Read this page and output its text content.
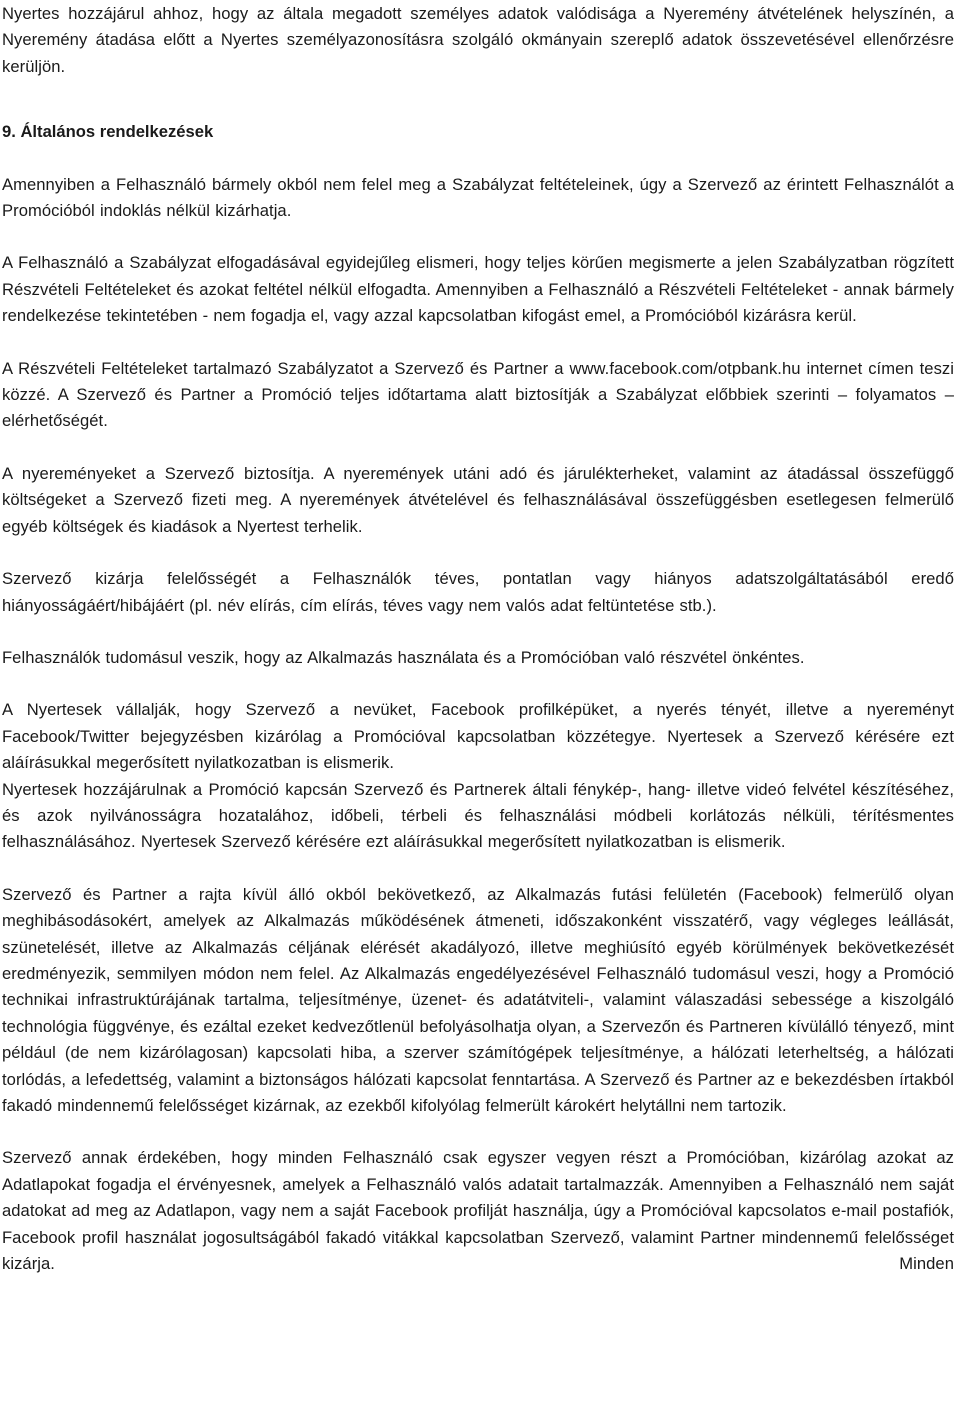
Nyertes hozzájárul ahhoz, hogy az általa megadott személyes adatok valódisága a Nyeremény átvételének helyszínén, a Nyeremény átadása előtt a Nyertes személyazonosításra szolgáló okmányain szereplő adatok összevetésével ellenőrzésre kerüljön.

9. Általános rendelkezések

Amennyiben a Felhasználó bármely okból nem felel meg a Szabályzat feltételeinek, úgy a Szervező az érintett Felhasználót a Promócióból indoklás nélkül kizárhatja.

A Felhasználó a Szabályzat elfogadásával egyidejűleg elismeri, hogy teljes körűen megismerte a jelen Szabályzatban rögzített Részvételi Feltételeket és azokat feltétel nélkül elfogadta. Amennyiben a Felhasználó a Részvételi Feltételeket - annak bármely rendelkezése tekintetében - nem fogadja el, vagy azzal kapcsolatban kifogást emel, a Promócióból kizárásra kerül.

A Részvételi Feltételeket tartalmazó Szabályzatot a Szervező és Partner a www.facebook.com/otpbank.hu internet címen teszi közzé. A Szervező és Partner a Promóció teljes időtartama alatt biztosítják a Szabályzat előbbiek szerinti – folyamatos – elérhetőségét.

A nyereményeket a Szervező biztosítja. A nyeremények utáni adó és járulékterheket, valamint az átadással összefüggő költségeket a Szervező fizeti meg. A nyeremények átvételével és felhasználásával összefüggésben esetlegesen felmerülő egyéb költségek és kiadások a Nyertest terhelik.

Szervező kizárja felelősségét a Felhasználók téves, pontatlan vagy hiányos adatszolgáltatásából eredő hiányosságáért/hibájáért (pl. név elírás, cím elírás, téves vagy nem valós adat feltüntetése stb.).

Felhasználók tudomásul veszik, hogy az Alkalmazás használata és a Promócióban való részvétel önkéntes.

A Nyertesek vállalják, hogy Szervező a nevüket, Facebook profilképüket, a nyerés tényét, illetve a nyereményt Facebook/Twitter bejegyzésben kizárólag a Promócióval kapcsolatban közzétegye. Nyertesek a Szervező kérésére ezt aláírásukkal megerősített nyilatkozatban is elismerik.

Nyertesek hozzájárulnak a Promóció kapcsán Szervező és Partnerek általi fénykép-, hang- illetve videó felvétel készítéséhez, és azok nyilvánosságra hozatalához, időbeli, térbeli és felhasználási módbeli korlátozás nélküli, térítésmentes felhasználásához. Nyertesek Szervező kérésére ezt aláírásukkal megerősített nyilatkozatban is elismerik.

Szervező és Partner a rajta kívül álló okból bekövetkező, az Alkalmazás futási felületén (Facebook) felmerülő olyan meghibásodásokért, amelyek az Alkalmazás működésének átmeneti, időszakonként visszatérő, vagy végleges leállását, szünetelését, illetve az Alkalmazás céljának elérését akadályozó, illetve meghiúsító egyéb körülmények bekövetkezését eredményezik, semmilyen módon nem felel. Az Alkalmazás engedélyezésével Felhasználó tudomásul veszi, hogy a Promóció technikai infrastruktúrájának tartalma, teljesítménye, üzenet- és adatátviteli-, valamint válaszadási sebessége a kiszolgáló technológia függvénye, és ezáltal ezeket kedvezőtlenül befolyásolhatja olyan, a Szervezőn és Partneren kívülálló tényező, mint például (de nem kizárólagosan) kapcsolati hiba, a szerver számítógépek teljesítménye, a hálózati leterheltség, a hálózati torlódás, a lefedettség, valamint a biztonságos hálózati kapcsolat fenntartása. A Szervező és Partner az e bekezdésben írtakból fakadó mindennemű felelősséget kizárnak, az ezekből kifolyólag felmerült károkért helytállni nem tartozik.

Szervező annak érdekében, hogy minden Felhasználó csak egyszer vegyen részt a Promócióban, kizárólag azokat az Adatlapokat fogadja el érvényesnek, amelyek a Felhasználó valós adatait tartalmazzák. Amennyiben a Felhasználó nem saját adatokat ad meg az Adatlapon, vagy nem a saját Facebook profilját használja, úgy a Promócióval kapcsolatos e-mail postafiók, Facebook profil használat jogosultságából fakadó vitákkal kapcsolatban Szervező, valamint Partner mindennemű felelősséget kizárja. Minden
